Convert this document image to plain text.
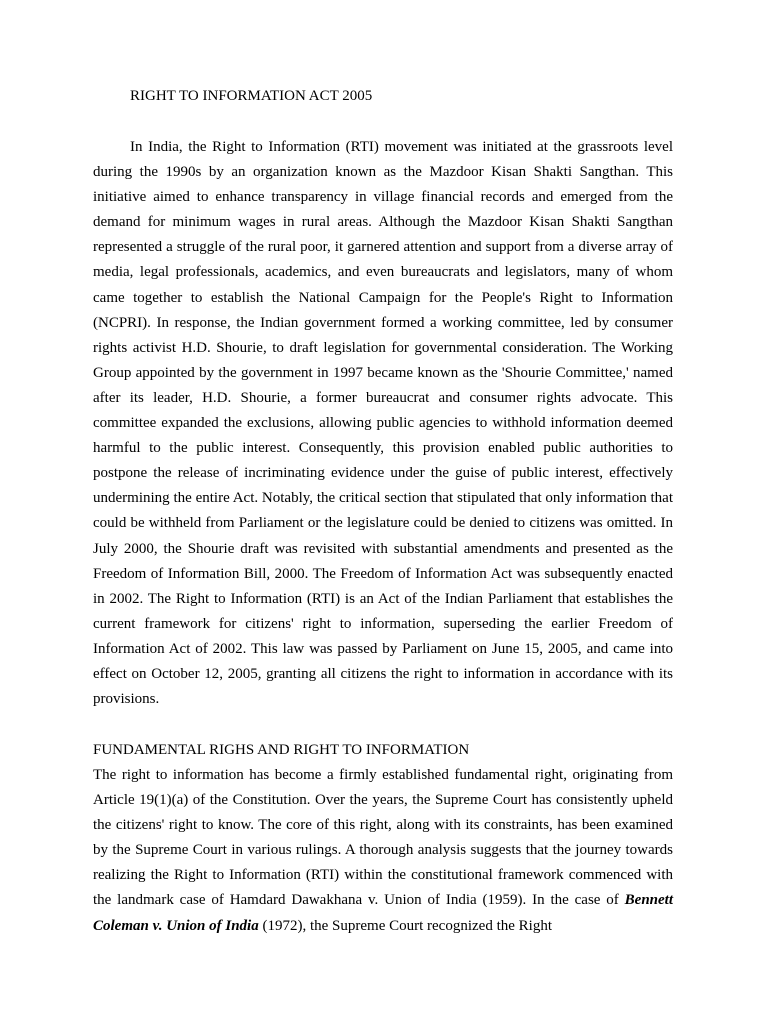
RIGHT TO INFORMATION ACT 2005

In India, the Right to Information (RTI) movement was initiated at the grassroots level during the 1990s by an organization known as the Mazdoor Kisan Shakti Sangthan. This initiative aimed to enhance transparency in village financial records and emerged from the demand for minimum wages in rural areas. Although the Mazdoor Kisan Shakti Sangthan represented a struggle of the rural poor, it garnered attention and support from a diverse array of media, legal professionals, academics, and even bureaucrats and legislators, many of whom came together to establish the National Campaign for the People's Right to Information (NCPRI). In response, the Indian government formed a working committee, led by consumer rights activist H.D. Shourie, to draft legislation for governmental consideration. The Working Group appointed by the government in 1997 became known as the 'Shourie Committee,' named after its leader, H.D. Shourie, a former bureaucrat and consumer rights advocate. This committee expanded the exclusions, allowing public agencies to withhold information deemed harmful to the public interest. Consequently, this provision enabled public authorities to postpone the release of incriminating evidence under the guise of public interest, effectively undermining the entire Act. Notably, the critical section that stipulated that only information that could be withheld from Parliament or the legislature could be denied to citizens was omitted. In July 2000, the Shourie draft was revisited with substantial amendments and presented as the Freedom of Information Bill, 2000. The Freedom of Information Act was subsequently enacted in 2002. The Right to Information (RTI) is an Act of the Indian Parliament that establishes the current framework for citizens' right to information, superseding the earlier Freedom of Information Act of 2002. This law was passed by Parliament on June 15, 2005, and came into effect on October 12, 2005, granting all citizens the right to information in accordance with its provisions.

FUNDAMENTAL RIGHS AND RIGHT TO INFORMATION

The right to information has become a firmly established fundamental right, originating from Article 19(1)(a) of the Constitution. Over the years, the Supreme Court has consistently upheld the citizens' right to know. The core of this right, along with its constraints, has been examined by the Supreme Court in various rulings. A thorough analysis suggests that the journey towards realizing the Right to Information (RTI) within the constitutional framework commenced with the landmark case of Hamdard Dawakhana v. Union of India (1959). In the case of Bennett Coleman v. Union of India (1972), the Supreme Court recognized the Right
